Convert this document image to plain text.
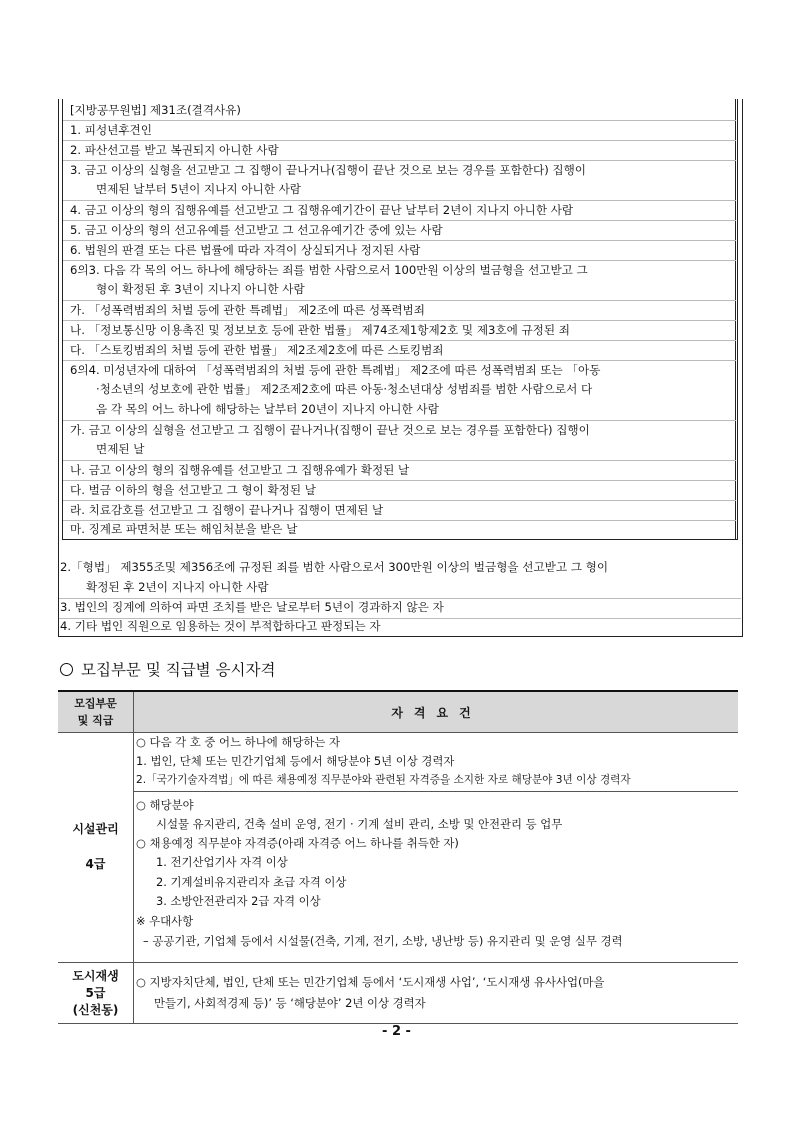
[지방공무원법] 제31조(결격사유)
1. 피성년후견인
2. 파산선고를 받고 복권되지 아니한 사람
3. 금고 이상의 실형을 선고받고 그 집행이 끝나거나(집행이 끝난 것으로 보는 경우를 포함한다) 집행이
면제된 날부터 5년이 지나지 아니한 사람
4. 금고 이상의 형의 집행유예를 선고받고 그 집행유예기간이 끝난 날부터 2년이 지나지 아니한 사람
5. 금고 이상의 형의 선고유예를 선고받고 그 선고유예기간 중에 있는 사람
6. 법원의 판결 또는 다른 법률에 따라 자격이 상실되거나 정지된 사람
6의3. 다음 각 목의 어느 하나에 해당하는 죄를 범한 사람으로서 100만원 이상의 벌금형을 선고받고 그
형이 확정된 후 3년이 지나지 아니한 사람
가. 「성폭력범죄의 처벌 등에 관한 특례법」 제2조에 따른 성폭력범죄
나. 「정보통신망 이용촉진 및 정보보호 등에 관한 법률」 제74조제1항제2호 및 제3호에 규정된 죄
다. 「스토킹범죄의 처벌 등에 관한 법률」 제2조제2호에 따른 스토킹범죄
6의4. 미성년자에 대하여 「성폭력범죄의 처벌 등에 관한 특례법」 제2조에 따른 성폭력범죄 또는 「아동
·청소년의 성보호에 관한 법률」 제2조제2호에 따른 아동·청소년대상 성범죄를 범한 사람으로서 다
음 각 목의 어느 하나에 해당하는 날부터 20년이 지나지 아니한 사람
가. 금고 이상의 실형을 선고받고 그 집행이 끝나거나(집행이 끝난 것으로 보는 경우를 포함한다) 집행이
면제된 날
나. 금고 이상의 형의 집행유예를 선고받고 그 집행유예가 확정된 날
다. 벌금 이하의 형을 선고받고 그 형이 확정된 날
라. 치료감호를 선고받고 그 집행이 끝나거나 집행이 면제된 날
마. 징계로 파면처분 또는 해임처분을 받은 날
2.「형법」 제355조및 제356조에 규정된 죄를 범한 사람으로서 300만원 이상의 벌금형을 선고받고 그 형이
확정된 후 2년이 지나지 아니한 사람
3. 법인의 징계에 의하여 파면 조치를 받은 날로부터 5년이 경과하지 않은 자
4. 기타 법인 직원으로 임용하는 것이 부적합하다고 판정되는 자
모집부문 및 직급별 응시자격
모집부문
및 직급
자격요건
시설관리
4급
○ 다음 각 호 중 어느 하나에 해당하는 자
1. 법인, 단체 또는 민간기업체 등에서 해당분야 5년 이상 경력자
2.「국가기술자격법」에 따른 채용예정 직무분야와 관련된 자격증을 소지한 자로 해당분야 3년 이상 경력자
○ 해당분야
시설물 유지관리, 건축 설비 운영, 전기 · 기계 설비 관리, 소방 및 안전관리 등 업무
○ 채용예정 직무분야 자격증(아래 자격증 어느 하나를 취득한 자)
1. 전기산업기사 자격 이상
2. 기계설비유지관리자 초급 자격 이상
3. 소방안전관리자 2급 자격 이상
※ 우대사항
– 공공기관, 기업체 등에서 시설물(건축, 기계, 전기, 소방, 냉난방 등) 유지관리 및 운영 실무 경력
도시재생
5급
(신천동)
○ 지방자치단체, 법인, 단체 또는 민간기업체 등에서 ‘도시재생 사업’, ‘도시재생 유사사업(마을
만들기, 사회적경제 등)’ 등 ‘해당분야’ 2년 이상 경력자
- 2 -
